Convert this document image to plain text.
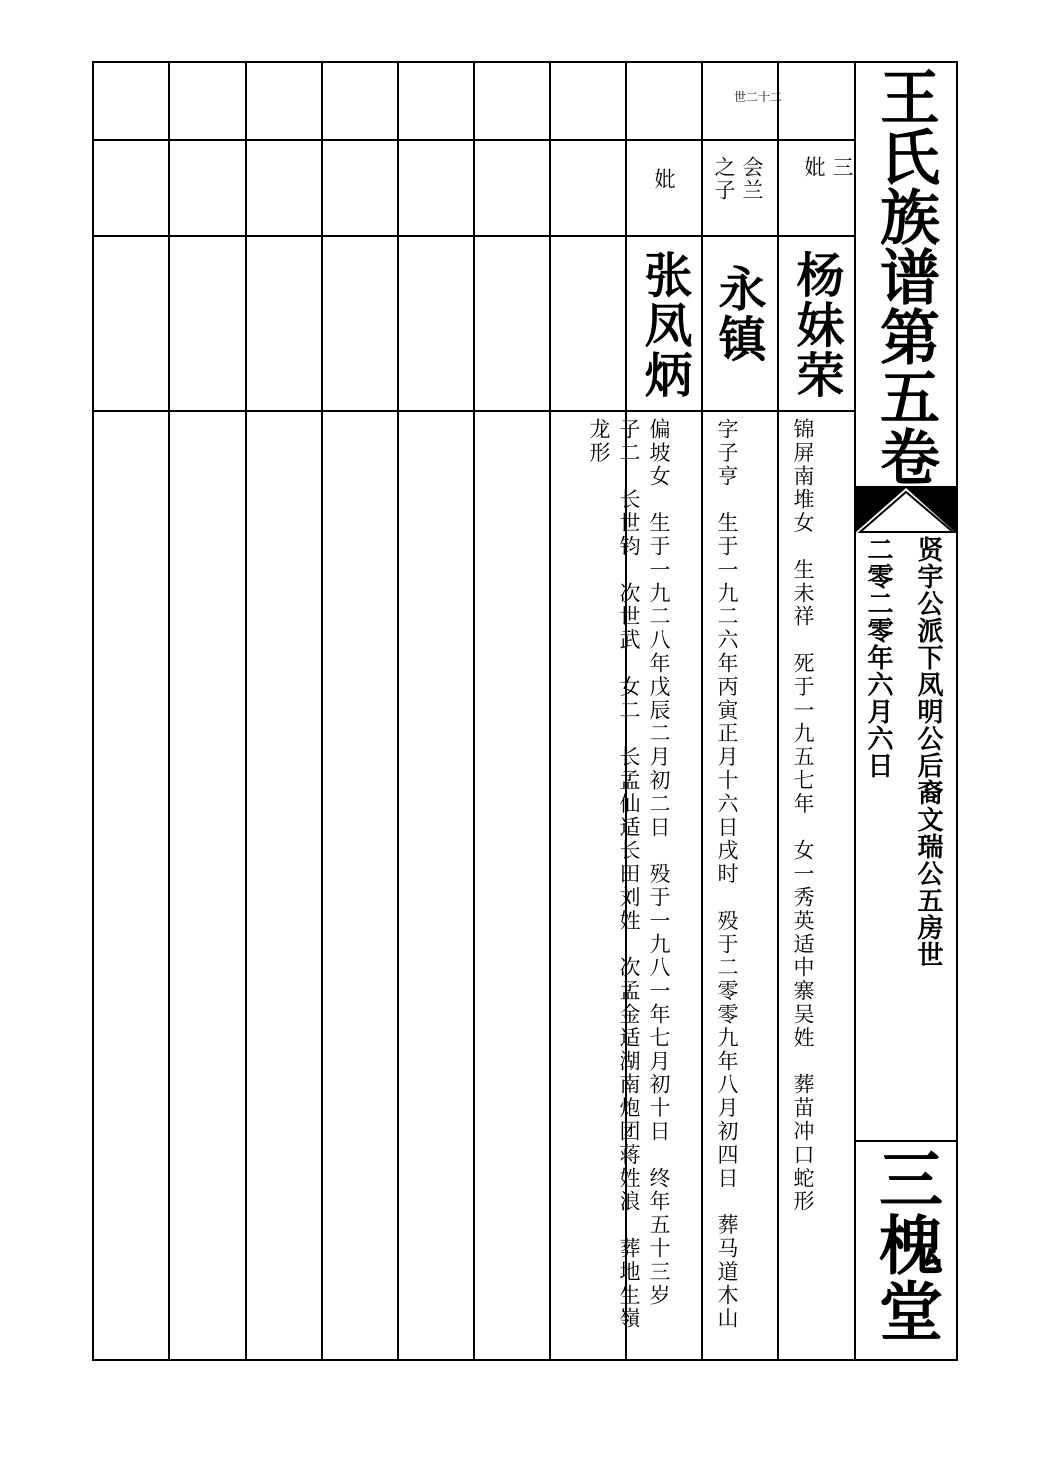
王氏族谱第五卷
贤宇公派下凤明公后裔文瑞公五房世
二零二零年六月六日
三槐堂
三
妣
杨妹荣
锦屏南堆女　生未祥　死于一九五七年　女一秀英适中寨吴姓　葬苗冲口蛇形
世二十二
会兰
之子
永镇
字子亨　生于一九二六年丙寅正月十六日戌时　殁于二零零九年八月初四日　葬马道木山
妣
张凤炳
偏坡女　生于一九二八年戊辰二月初二日　殁于一九八一年七月初十日　终年五十三岁　子二　长世钧　次世武　女二　长孟仙适长田刘姓　次孟金适湖南炮团蒋姓浪　葬地生嶺龙形
